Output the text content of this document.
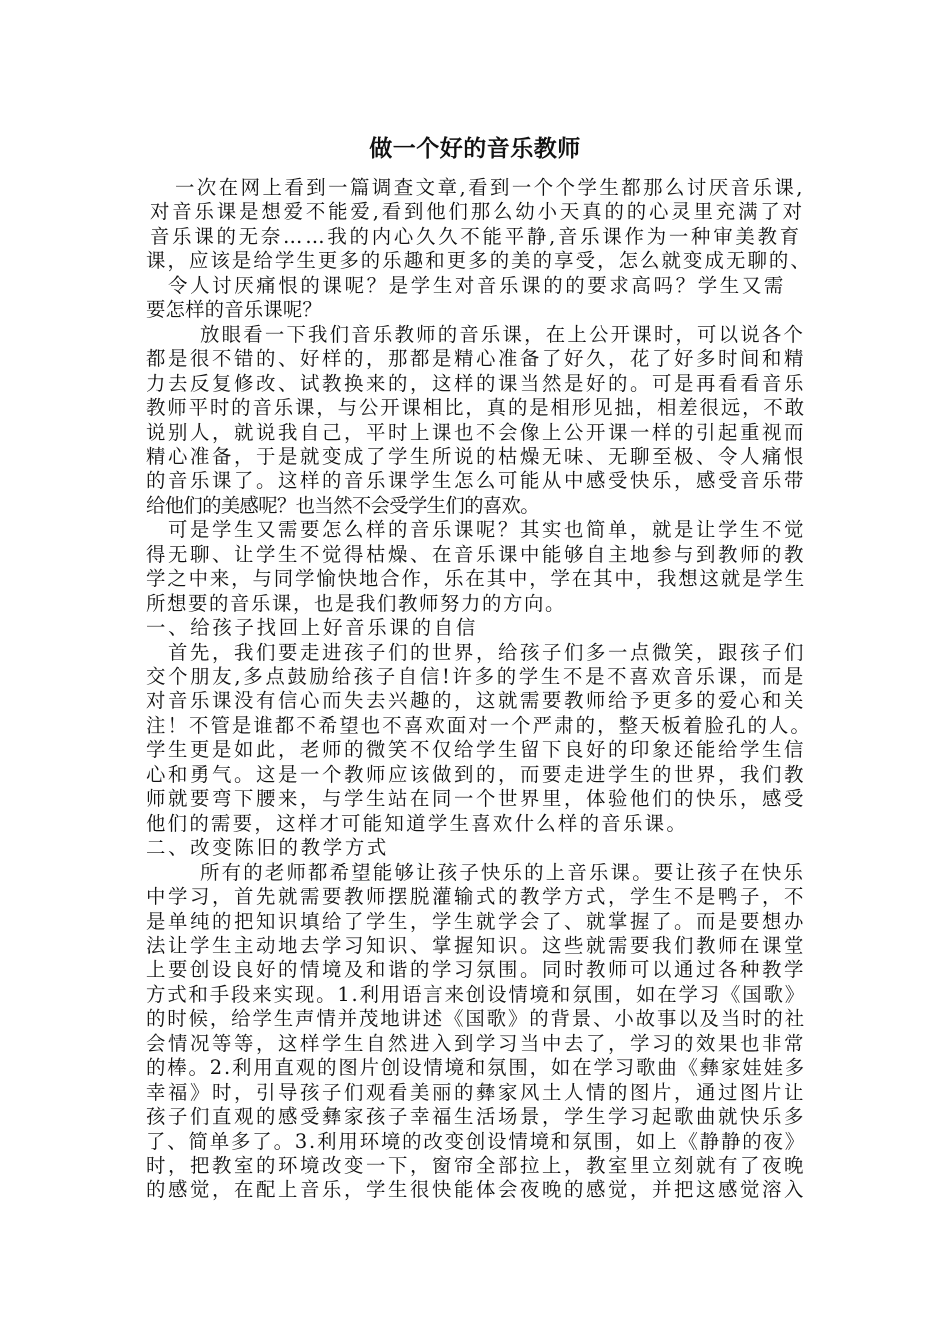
做一个好的音乐教师
一次在网上看到一篇调查文章,看到一个个学生都那么讨厌音乐课,
对音乐课是想爱不能爱,看到他们那么幼小天真的的心灵里充满了对
音乐课的无奈……我的内心久久不能平静,音乐课作为一种审美教育
课，应该是给学生更多的乐趣和更多的美的享受，怎么就变成无聊的、
令人讨厌痛恨的课呢？是学生对音乐课的的要求高吗？学生又需
要怎样的音乐课呢？
放眼看一下我们音乐教师的音乐课，在上公开课时，可以说各个
都是很不错的、好样的，那都是精心准备了好久，花了好多时间和精
力去反复修改、试教换来的，这样的课当然是好的。可是再看看音乐
教师平时的音乐课，与公开课相比，真的是相形见拙，相差很远，不敢
说别人，就说我自己，平时上课也不会像上公开课一样的引起重视而
精心准备，于是就变成了学生所说的枯燥无味、无聊至极、令人痛恨
的音乐课了。这样的音乐课学生怎么可能从中感受快乐，感受音乐带
给他们的美感呢？也当然不会受学生们的喜欢。
可是学生又需要怎么样的音乐课呢？其实也简单，就是让学生不觉
得无聊、让学生不觉得枯燥、在音乐课中能够自主地参与到教师的教
学之中来，与同学愉快地合作，乐在其中，学在其中，我想这就是学生
所想要的音乐课，也是我们教师努力的方向。
一、给孩子找回上好音乐课的自信
首先，我们要走进孩子们的世界，给孩子们多一点微笑，跟孩子们
交个朋友,多点鼓励给孩子自信!许多的学生不是不喜欢音乐课，而是
对音乐课没有信心而失去兴趣的，这就需要教师给予更多的爱心和关
注！不管是谁都不希望也不喜欢面对一个严肃的，整天板着脸孔的人。
学生更是如此，老师的微笑不仅给学生留下良好的印象还能给学生信
心和勇气。这是一个教师应该做到的，而要走进学生的世界，我们教
师就要弯下腰来，与学生站在同一个世界里，体验他们的快乐，感受
他们的需要，这样才可能知道学生喜欢什么样的音乐课。
二、改变陈旧的教学方式
所有的老师都希望能够让孩子快乐的上音乐课。要让孩子在快乐
中学习，首先就需要教师摆脱灌输式的教学方式，学生不是鸭子，不
是单纯的把知识填给了学生，学生就学会了、就掌握了。而是要想办
法让学生主动地去学习知识、掌握知识。这些就需要我们教师在课堂
上要创设良好的情境及和谐的学习氛围。同时教师可以通过各种教学
方式和手段来实现。1.利用语言来创设情境和氛围，如在学习《国歌》
的时候，给学生声情并茂地讲述《国歌》的背景、小故事以及当时的社
会情况等等，这样学生自然进入到学习当中去了，学习的效果也非常
的棒。2.利用直观的图片创设情境和氛围，如在学习歌曲《彝家娃娃多
幸福》时，引导孩子们观看美丽的彝家风土人情的图片，通过图片让
孩子们直观的感受彝家孩子幸福生活场景，学生学习起歌曲就快乐多
了、简单多了。3.利用环境的改变创设情境和氛围，如上《静静的夜》
时，把教室的环境改变一下，窗帘全部拉上，教室里立刻就有了夜晚
的感觉，在配上音乐，学生很快能体会夜晚的感觉，并把这感觉溶入
